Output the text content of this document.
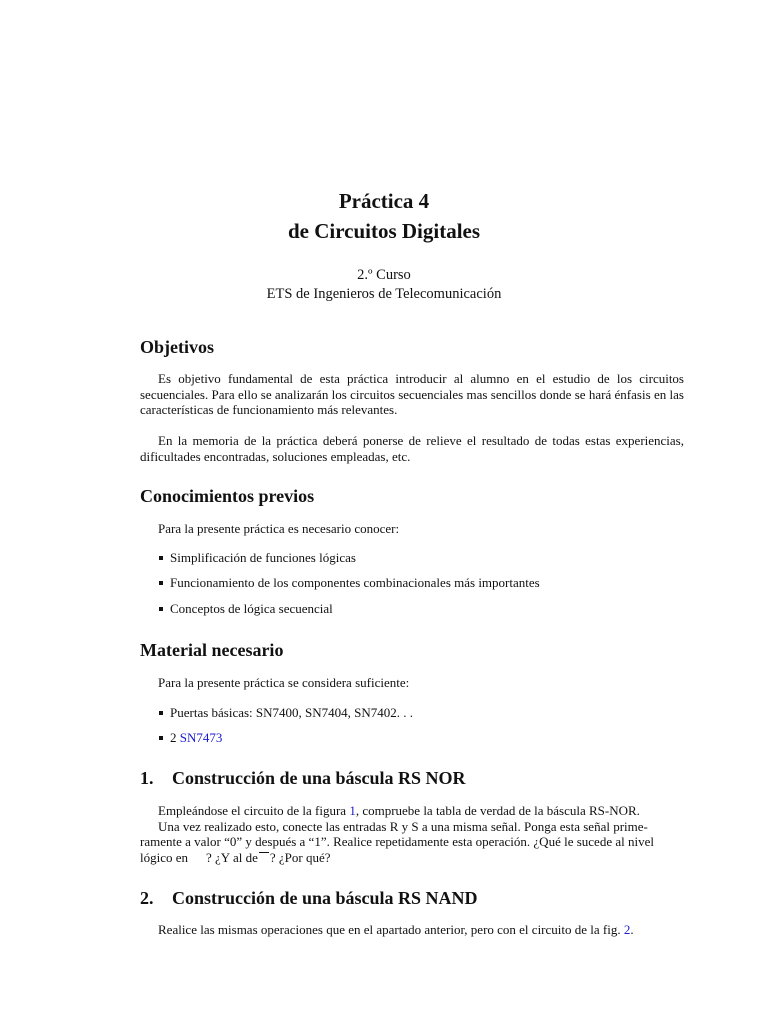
Práctica 4
de Circuitos Digitales
2.º Curso
ETS de Ingenieros de Telecomunicación
Objetivos
Es objetivo fundamental de esta práctica introducir al alumno en el estudio de los circuitos secuenciales. Para ello se analizarán los circuitos secuenciales mas sencillos donde se hará énfasis en las características de funcionamiento más relevantes.
En la memoria de la práctica deberá ponerse de relieve el resultado de todas estas experiencias, dificultades encontradas, soluciones empleadas, etc.
Conocimientos previos
Para la presente práctica es necesario conocer:
Simplificación de funciones lógicas
Funcionamiento de los componentes combinacionales más importantes
Conceptos de lógica secuencial
Material necesario
Para la presente práctica se considera suficiente:
Puertas básicas: SN7400, SN7404, SN7402. . .
2 SN7473
1. Construcción de una báscula RS NOR
Empleándose el circuito de la figura 1, compruebe la tabla de verdad de la báscula RS-NOR.
Una vez realizado esto, conecte las entradas R y S a una misma señal. Ponga esta señal prime-
ramente a valor “0” y después a “1”. Realice repetidamente esta operación. ¿Qué le sucede al nivel
lógico en ? ¿Y al de ? ¿Por qué?
2. Construcción de una báscula RS NAND
Realice las mismas operaciones que en el apartado anterior, pero con el circuito de la fig. 2.
